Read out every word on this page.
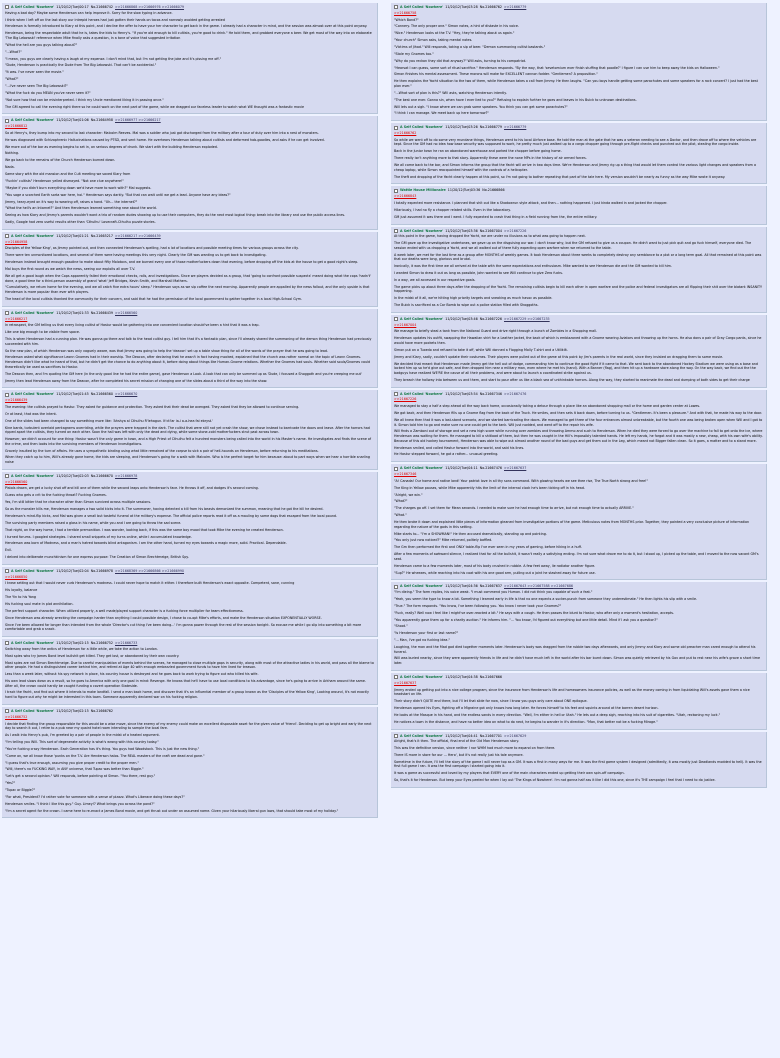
A Self Called 'Nowhere' 11/20/12(Tue)00:17 No.21666742 >>21666868 >>21666976 >>21666079

Having a bad day? Maybe some Henderson can help improve it. Sorry for the slow typing in advance.

I think when I left off on the last story our intrepid heroes had just gotten their hands on tacos and narrowly avoided getting arrested

Henderson is formally introduced to Kiary at this point, and I decline the offer to have your her character to get back in the game. I already had a character in mind, and the session was almost over at this point anyway.

Henderson, being the respectable adult that he is, takes the kids to Henry's. "If you're old enough to kill cultists, you're good to drink." He told them, and grabbed everyone a beer. We get most of the way into an elaborate 'The Big Lebowski' reference when Mike finally asks a question, in a tone of voice that suggested irritation

"What the hell are you guys talking about?"

"...What?"

"I mean, you guys are clearly having a laugh at my expense. I don't mind that, but I'm not getting the joke and it's pissing me off."

"Dude, Henderson is practically the Dude from The Big Lebowski. That can't be accidental."

"It was. I've never seen the movie."

"What?"

"...I've never seen The Big Lebowski?"

"What the fuck do you MEAN you've never seen it?"

"Not sure how that can be misinterpreted. I think my Uncle mentioned liking it in passing once."

The GM agreed to call the evening right there so he could work on the next part of the game, while we dragged our faceless leader to watch what WE thought was a fantastic movie

A Self Called 'Nowhere' 11/20/12(Tue)01:06 No.21664958 >>21666977 >>21666217

>>21666812

So at Henry's, they bump into my second to last character: Malcolm Reeves. Mal was a soldier who just got discharged from the military after a tour of duty over him into a nest of monsters.

He was diagnosed with Schizophrenic Hallucinations caused by PTSD, and sent home. He overhears Henderson talking about cultists and deformed hob-goodies, and asks if he can get involved.

We more out of the bar as evening begins to set in, on serious degrees of drunk. We start with the building Henderson exploded.

Nothing.

We go back to the remains of the Church Henderson burned down.

Nada.

Same story with the old mansion and the Cult meeting we saved Kiary from

"Fuckin' cultists" Henderson yelled dismayed. "Not one clue anywhere!"

"Maybe if you didn't burn everything down we'd have more to work with?" Mal suggests.

"You sage a scorched Earth sorta war here, hoi." Henderson says darkly. "But that can wait until we get a lead. Anyone have any ideas?"

Jimmy, teary-eyed on it's way to wearing off, raises a hand. "Uh... the internet?"

"What the hell's an Intarnet?" And then Henderson learned something new about the world.

Seeing as how Kiary and Jimmy's parents wouldn't want a trio of random dudes showing up to use their computers, they do the next most logical thing: break into the library and use the public access lines.

Sadly, Google had zero useful results other than 'Cthulhu' Lovecraft-Cthulhu puzzle stories.

A Self Called 'Nowhere' 11/20/12(Tue)01:21 No.21665217 >>21666217 >>21666439

>>21664958

Disciples of the Yellow King', as Jimmy pointed out, and then connected Henderson's spelling, had a lot of locations and possible meeting times for various groups across the city.

There were ten unmonitored locations, and several of them were having meetings this very night. Clearly the GM was wanting us to get back to investigating.

Henderson instead brought enough gasoline to make about fifty Molotovs, and we burned every one of those motherfuckers down that evening, before dropping off the kids at the house to get a good night's sleep.

Mal buys the first round as we watch the news, seeing our exploits all over T.V.

We all get a good laugh when the Cops apparently failed their emotional checks, rolls, and investigations. Since we players decided as a group, that 'going to confront possible suspects' meant doing what the cops 'hadn't' done, a good time for a third-person assembly of grand 'what' Jeff Bridges, Kevin Smith, and Marshall Mathers.

"Cumulatively, we return home for the evening, and we all catch five extra hours' sleep." Henderson says as we sip coffee the next morning. Apparently people are appalled by the news fallout, and the only upside is that Henderson is more popular than ever with players.

The head of the local cultists thanked the community for their concern, and said that he had the permission of the local government to gather together in a local High-School Gym.

A Self Called 'Nowhere' 11/20/12(Tue)01:33 No.21666439 >>21666560

>>21666217

In retrospect, the GM telling us that every living cultist of Hastur would be gathering into one convenient location should've been a hint that it was a trap.

Like one big enough to be visible from space.

This is when Henderson had a cunning plan. He was gonna go there and talk to the head cultist guy. I tell him that it's a fantastic plan, since I'll already shared the summoning of the demon thing Henderson had previously succeeded with him.

So the new plan, of which Henderson was only vaguely aware, was that Jimmy was going to help the 'deacon' set up a table show thing for all of the words of the prayer that he was going to lead.

Henderson asked what significance Leonn Gnomes had in their worship. The Deacon, after declaring that he wasn't in fact having mocked, explained that the church was rather normal on the topic of Leonn Gnomes. Henderson didn't like what he heard of that, but he didn't get the chance to do anything about it, before doing about things like Human-Gnome relations. Whether the Gnomes had souls. Whether said souls/Gnomes could theoretically be used as sacrifices to Hastur.

The Deacon then, and I'm quoting the GM here (in the only good line he had the entire game), gave Henderson a Look. A look that can only be summed up as 'Dude, I focused a Shoggoth and you're creeping me out'

Jimmy then lead Henderson away from the Deacon, after he completed his secret mission of changing one of the slides about a third of the way into the show.

A Self Called 'Nowhere' 11/20/12(Tue)01:45 No.21666560 >>21666670

>>21666439

The evening: the cultists prayed to Hastur. They asked for guidance and protection. They asked that their dead be avenged. They asked that they be allowed to continue serving.

Or at least, that was the intent.

One of the slides had been changed to say something more like: 'Ahshya al Cthulhu R'lehagun. It'ctl'ar ia-i a-a-hea fai ebryst.'

Kine bards, turbulent overlaid pentagrams overriding, while the prayers were trapped in the dark. The cultist that were still not yet crash the show, we chose instead to barricade the doors and leave. After the horrors had ripped apart the cultists, they turned on each other. Soon the hall was left with only the dead and dying, while some stone-cold motherfuckers strut past across town.

However, we didn't account for one thing: Hastur wasn't the only game in town, and a High Priest of Cthulhu felt a hundred monsters being called into the world in his Master's name. He investigates and finds the scene of the crime, and then looks into the surviving members of Henderson Investigations.

Gravely insulted by the turn of affairs. He uses a sympathetic binding using what little remained of the corpse to sick a pair of hell-hounds on Henderson, before returning to his meditations.

When they catch up to him, Will's already gone home, the kids are sleeping, and Henderson's going for a walk with Malcolm. Who is the perfect target for him because: about to part ways when we hear a horrible snarling noise

A Self Called 'Nowhere' 11/20/12(Tue)02:03 No.21666670 >>21666978

>>21666560

Pistols drawn, we get a lucky shot off and kill one of them while the second leaps onto Henderson's face. He throws it off, and dodges it's second coming.

Guess who gets a crit to the fucking throat? Fucking Gnomes.

Yes, I'm still bitter that he character other than Simon survived across multiple sessions.

So as the monster kills me, Henderson manages a two solid kicks into it. The summoner, having detected a kill from his beasts demonized the summon, meaning that he got the kill he desired.

Henderson's mind-flip kicks, and Mal was given a small but tasteful funeral at the military's expense. The official police reports read it off as a mauling by some dogs that escaped from the local pound.

The surviving party members raised a glass in his name, while you and I are going to throw the sad scene.

That night, on the way home, I had a terrible premonition. I was wonder, looking back, if this was the same boy mood that took Mike the evening he created Henderson.

I turned forums. I googled strategies. I shared small snippets of my turns online, while I accumulated knowledge.

Henderson was born of Madness, and a man's hatred towards blind antagonism. I am the other hand, turned my eyes towards a magic more, solid. Practical. Dependable.

Evil.

I delved into deliberate munchkinism for one express purpose: The Creation of Simon Brechtmeige, British Spy.

A Self Called 'Nowhere' 11/20/12(Tue)02:04 No.21666978 >>21668369 >>21666866 >>21666990

>>21666850

I knew setting out that I would never curb Henderson's madness. I could never hope to match it either. I therefore built Henderson's exact opposite. Competent, sane, cunning

His loyalty, balance

The Yin to his Yang

His fucking soul mate in plot annihilation.

The perfect support character. When utilized properly, a well made/played support character is a fucking force multiplier for team effectiveness.

Since Henderson was already wrecking the campaign harder than anything I could possible design, I chose to co-opt Mike's efforts, and make the Henderson situation EXPONENTIALLY WORSE.

Since I've been allowed far longer than intended from the whole 'Director's cut thing I've been doing...' I'm gonna power through the rest of the session tonight. So excuse me while I go slip into something a bit more comfortable and grab a snack.

A Self Called 'Nowhere' 11/20/12(Tue)02:15 No.21666752 >>21666733

Switching away from the antics of Henderson for a little while, we take the action to London.

Most spies who try James Bond level bullshit get killed. They get lost, or abandoned by their own country.

Most spies are not Simon Brechtmeige. Due to careful manipulation of events behind the scenes, he managed to close multiple gaps in security, along with most of the attractive ladies in his world, and pass all the blame to other people. He had a distinguished career behind him, and retired at Age 40 with enough embezzled government funds to have him lined for treason.

Less than a week later, without his spy network in place, his country house is destroyed and he goes back to work trying to figure out who killed his wife.

His own lead slows down as a result, so he goes to America with only one goal in mind: Revenge. He knows that he'll have to use local conditions to his advantage, since he's going to arrive in Arkham around the same. After all, the crown could hardly be caught funding a covert operation Stateside.

I track the Yacht, and find out where it intends to make landfall. I send a man back home, and discover that it's an influential member of a group known as the 'Disciples of the Yellow King', Looking around, it's not exactly hard to figure out why he might be interested in this town. Someone apparently declared war on his fucking religion.

A Self Called 'Nowhere' 11/20/12(Tue)02:15 No.21666762

>>21666752

I decide that finding the group responsible for this would be a wise move, since the enemy of my enemy could make an excellent disposable asset for the given value of 'friend'. Deciding to get up bright and early the next day to search it out, I retire to a pub near my quaint hotel room intending to sample the local fare.

As I walk into Henry's pub, I'm greeted by a pair of people in the midst of a heated argument.

"I'm telling you Will. This sort of degenerate activity is what's wrong with this country today."

"You're fucking crazy Henderson. Each Generation has it's thing. You guys had Woodstock. This is just the new thing."

"Come on, we all know those 'punks on the T.V. Are Henderson halos. The REAL masters of the craft are dead and gone."

"I guess that's true enough, assuming you give proper credit to the proper men."

"Will, there's no FUCKING WAY, in ANY universe, that Tupac was better than Biggie."

"Let's get a second opinion." Will responds, before pointing at Simon. "You there, rest guy."

"Yes?"

"Tupac or Biggie?"

"For what, President? I'd rather vote for someone with a sense of pizazz. What's Liberace doing these days?"

Henderson smiles. "I think I like this guy." Guy. Limey!? What brings you across the pond?"

"I'm a secret agent for the crown. I came here to re-enact a James Bond movie, and get thrust out under an assumed name. Given your hilariously liberal gun laws, that should take most of my holiday."

A Self Called 'Nowhere' 11/20/12(Tue)03:28 No.21666762 >>21666779

>>21666758

"Which Bond?"

"Connery. The only proper one." Simon notes, a hint of distaste in his voice.

"Nice." Henderson looks at the T.V. "Hey, they're talking about us again."

"Your church" Simon asks, taking mental notes.

"Victims of Jihad." Will responds, taking a sip of beer. "Demon summoning cultist bastards."

"Stole my Gnomes too."

"Why do you reckon they did that anyway?" Will asks, turning to his compatriot.

"Hearsat I can guess, some sort of ritual sacrifice." Henderson responds. "By the way, that 'sevetomium ever finish stuffing that poodle?' I figure I can use him to keep away the kids on Halloween."

Simon finishes his mental assessment. These morons will make for EXCELLENT cannon fodder. "Gentlemen? A proposition."

He then explains the Yacht situation to the two of them, while Henderson takes a call from Jimmy. He then laughs. "Can you boys handle getting some parachutes and some speakers for a rock concert? I just had the best plan ever."

"...What sort of plan is this?" Will asks, watching Henderson intently.

"The best one ever. Gonna sin, when have I ever lied to you?" Refusing to explain further he goes and leaves in his Buick to unknown destinations.

Will lets out a sigh. "I know where we can grab some speakers. You think you can get some parachutes?"

"I think I can manage. We meet back up here tomorrow?"

A Self Called 'Nowhere' 11/20/12(Tue)03:26 No.21666779 >>21666779

>>21666762

So while we went off to do some very mundane things, Henderson went to his local Airforce base. He told the man at the gate that he was a veteran needing to see a Doctor, and then drove off to where the vehicles are kept. Since the GM had no idea how base security was supposed to work, he pretty much just walked up to a cargo chopper going through pre-flight checks and punched out the pilot, stealing the cargo inside.

Back in the Junior town he ran an abandoned warehouse and parked the chopper before going home.

There really isn't anything more to that story. Apparently these were the none MPs in the history of air armed forces.

We all come back to the bar, and Simon informs the group that the Yacht will arrive in two days time. We're Henderson and Jimmy rig up a thing that would let them control the various light changes and speakers from a cheap laptop, while Simon reacquainted himself with the controls of a helicopter.

The theft and dropping of the Yacht clearly happen at this point, so I'm not going to bother repeating that part of the tale here. My version wouldn't be nearly as funny as the way Mike wrote it anyway.

Wattle House Millionaire 11/20/12(Tue)03:36 No.21666866

>>21666843

I totally expected more resistance. I planned that shit out like a Shadowrun style attack, and then... nothing happened. I just kinda walked in and jacked the chopper.

Hilariously, I had no fly a chopper related skills. Even in the laboratory.

GM just assumed it was there and I went. I fully expected to crash that thing in a field running from the, the entire military.

A Self Called 'Nowhere' 11/20/12(Tue)03:36 No.21667004 >>21667226

At this point in the game, having dropped the Yacht, we are under no illusions as to what was going to happen next.

The GM gave up the investigative undertones, we gave up on the disguising our war. I don't know why, but the GM refused to give us a coupon. He didn't want to just pick quit and go fuck himself, everyone died. The session ended with us dropping a Yacht, and we all walked out of there fully expecting open warfare when we returned to the table.

A week later, we met for the last time as a group after MONTHS of weekly games. It took Henderson about three weeks to completely destroy any semblance to a plot or a long term goal. All that remained at this point was that our deaths were long, glorious and brutal.

Ironically, it was the first time we all arrived at the table with the same expectations and enthusiasm. Mike wanted to see Henderson die and the GM wanted to kill him.

I wanted Simon to draw it out as long as possible, John wanted to see Will continue to give Zero fucks.

In a way, we all accessed in our respective goals.

The game picks up about three days after the dropping of the Yacht. The remaining cultists begin to kill each other in open warfare and the police and federal investigators are all flipping their shit over the blatant INSANITY happening.

In the midst of it all, we're hitting high priority targets and sneaking as much havoc as possible.

The Buick is sacrificed as a Car Bomb to wipe out a police station filled with Shoggoths.

A Self Called 'Nowhere' 11/20/12(Tue)03:46 No.21667226 >>21667229 >>21667235

>>21667004

We manage to briefly steal a tank from the National Guard and drive right through a bunch of Zombies in a Shopping mall.

Henderson updates his outfit, swapping the Hawaiian shirt for a Leather Jacket, the back of which is emblazoned with a Gnome wearing Aviators and throwing up the horns. He also dons a pair of Gray Cargo pants, since he would have more pockets then.

Simon put on a Tuxedo and refused to take it off, while Will donned a Flogging Molly T-shirt and a Utilikilt.

Jimmy and Kiary, sadly, couldn't update their costumes. Their players were pulled out of the game at this point by Jim's parents in the real world, since they insisted on dragging them to some movie.

We decided that meant that Henderson made Jimmy get the hell out of dodge, commanding him to continue the good fight if it came to that. We sent back to the abandoned Hockey Stadium we were using as a base and locked him up so he'd give out safe, and then dropped him near a military man, even where he met his (hand). With a Banner (flag), and then hit up a hardware store along the way. On the way back, we find out the the badguys have realized WE'RE the cause of all their problems, and were about to launch a coordinated strike against us.

They breach the hallway into between us and them, and start to pour after us like a black sea of unthinkable horrors. Along the way, they started to reanimate the dead and dumping of both sides to get their charge

A Self Called 'Nowhere' 11/20/12(Tue)03:54 No.21667346 >>21667476

>>21667226

We managed to stay a half a step ahead all the way back home, occasionally taking a detour through a place like an abandoned shopping mall or the home and garden center at Lowes.

We got back, and then Henderson fills up a Gnome flag from the back of the Truck. He smiles, and then sets it back down, before turning to us. "Gentlemen. It's been a pleasure." And with that, he made his way to the door.

We all knew then that it was a last-stand scenario, and we started barricading the doors. We managed to get three of the four entrances almost unbreakable, but the fourth one was being broken open when Will and I got to it. Simon told him to go and make sure no one could get to the tank. Will just nodded, and went off to the repair his wife.

Will finds a Zamboni out of storage and set a new high score while running over zombies and throwing Ammo and such to Henderson. When he died they were forced to go over the machine to fall to get onto the ice, where Henderson was waiting for them. He managed to kill a shitload of them, but then he was caught in the Hill's impossibly talented hands. He left my hands, he forgot and it was mostly a new, cheap, with his own wife's ability. Because of this old hockey tournament, Henderson was able to wipe out almost another round of the bad guys and get them out in the Leg, which meant not Bigger fallen clean. So it goes, a matter and to a stand more.

Henderson smiled, and called Hastur forward into the world, and said his lines.

He Hastur stepped forward, he got a rather... unusual greeting.

A Self Called 'Nowhere' 11/20/12(Tue)04:11 No.21667476 >>21667637

>>21667346

"A! Canada! Our home and native land! Your patriot love in all thy sons command. With glowing hearts we see thee rise, The True North strong and free!"

The King in Yellow pauses, while Mike apparently hits the limit of the internal clock he's been ticking off in his head.

"Alright, we win."

"What?"

"The charges go off. I set them for Mean seconds. I needed to make sure he had enough time to arrive, but not enough time to actually ARRIVE."

"What."

He then broke it down and explained little pieces of information gleaned from investigative portions of the game. Meticulous notes from MONTHS prior. Together, they painted a very conclusive picture of information regarding the nature of the gods in this setting.

Mike starts to... "I'm a SHOWMAN!" He then accused dramatically, standing up and pointing.

"You only just now noticed?" Mike returned, politely baffled.

The Gm then performed the first and ONLY table-flip I've ever seen in my years of gaming, before hiking in a huff.

After a few moments of awkward silence, I realized that for all the bullshit, it wasn't really a satisfying ending. I'm not sure what drove me to do it, but I stood up, I picked up the table, and I moved to the now vacant GM's seat.

Henderson came to a few moments later, most of his body crushed in rubble. A few feet away, lie radiator another figure.

"Sup?" He wheezes, while reaching into his coat with his one good arm, pulling out a joint he stashed away for future use.

A Self Called 'Nowhere' 11/20/12(Tue)04:36 No.21667637 >>21667643 >>21667588 >>21667686

"I'm dieing." The form replies, his voice weak. "I must commend you Human. I did not think you capable of such a feat."

"Yeah, you seem the type to know a lot. Something I learned early in life is that no one expects a sucker-punch from someone they underestimate." He then lights his slip with a smile.

"True." The form responds. "You know, I've been following you. You know I never took your Gnomes?"

"Fuck, really? Well now I feel like I might've over-reacted a bit." He says with a cough. He then passes the blunt to Hastur, who after only a moment's hesitation, accepts.

"You apparently gave them up for a charity auction." He informs him. "... You know, I'd figured out everything but one little detail. Mind if I ask you a question?"

"Shoot."

"Is Henderson your first or last name?"

"... Man, I've got no fucking idea."

Laughing, the man and the Mad god died together moments later. Henderson's body was dragged from the rubble two days afterwards, and only Jimmy and Kiary and some old preacher man cared enough to attend his funeral.

Will was buried nearby, since they were apparently friends in life and he didn't have much left in the world after his bar burnt down. Simon was quietly retrieved by his Gov and put to rest near his wife's grave a short time later.

A Self Called 'Nowhere' 11/20/12(Tue)04:38 No.21667666

>>21667637

Jimmy ended up getting put into a nice college program, since the insurance from Henderson's life and homeowners insurance policies, as well as the money coming in from liquidating Will's assets gave them a nice headstart on life.

Their story didn't QUITE end there, but I'll let that slide for now, since I know you guys only care about ONE epilogue.

Henderson opened his Eyes, fighting off a Migraine got only knows how long later. He forces himself to his feet and squints around at the barren desert horizon.

He looks at the Masque in his hand, and the endless sands in every direction. "Well, I'm either in hell or Utah." He lets out a deep sigh, reaching into his suit of cigarettes. "Utah, reckoning my luck."

He notices a town in the distance, and have no better idea on what to do next, he begins to wander in it's direction. "Man, that better not be a fucking Mirage."

A Self Called 'Nowhere' 11/20/12(Tue)04:41 No.21667701 >>21667629

Alright, that's it then. The official, final end of the Old Man Henderson story.

This was the definitive version, since neither I nor WHM had much more to expand on from there.

There IS more in store for our ... Hero', but it's not really just his tale anymore.

Sometime in the future, I'll tell the story of the game I will never top as a GM. It was a first in many ways for me. It was the first game system I designed (admittedly, it was mostly just Deadlands modded to hell). It was the first full game I ran. It was the first campaign I started going into it.

It was a game as successful and loved by my players that EVERY one of the main characters ended up getting their own spin-off campaign.

So, that's it for Henderson. But keep your Eyes peeled for when I lay out 'The Kings of Nowhere'. I'm not gonna half ass it like I did this one, since it's THE campaign I feel that I need to do justice.
